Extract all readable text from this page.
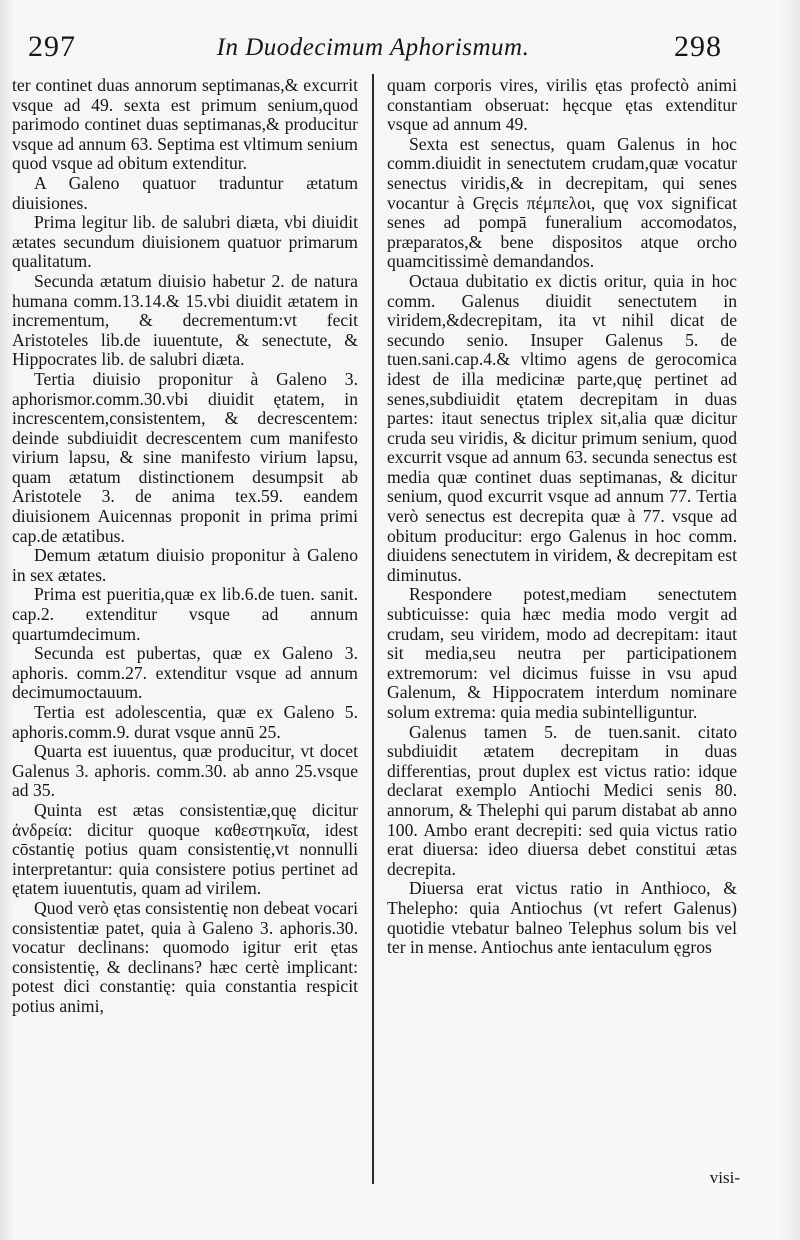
297	In Duodecimum Aphorismum.	298

ter continet duas annorum septimanas,& excurrit vsque ad 49. sexta est primum senium,quod parimodo continet duas septimanas,& producitur vsque ad annum 63. Septima est vltimum senium quod vsque ad obitum extenditur.

A Galeno quatuor traduntur ætatum diuisiones.

Prima legitur lib. de salubri diæta, vbi diuidit ætates secundum diuisionem quatuor primarum qualitatum.

Secunda ætatum diuisio habetur 2. de natura humana comm.13.14.& 15.vbi diuidit ætatem in incrementum, & decrementum:vt fecit Aristoteles lib.de iuuentute, & senectute, & Hippocrates lib. de salubri diæta.

Tertia diuisio proponitur à Galeno 3. aphorismor.comm.30.vbi diuidit ętatem, in increscentem,consistentem, & decrescentem: deinde subdiuidit decrescentem cum manifesto virium lapsu, & sine manifesto virium lapsu, quam ætatum distinctionem desumpsit ab Aristotele 3. de anima tex.59. eandem diuisionem Auicennas proponit in prima primi cap.de ætatibus.

Demum ætatum diuisio proponitur à Galeno in sex ætates.

Prima est pueritia,quæ ex lib.6.de tuen. sanit. cap.2. extenditur vsque ad annum quartumdecimum.

Secunda est pubertas, quæ ex Galeno 3. aphoris. comm.27. extenditur vsque ad annum decimumoctauum.

Tertia est adolescentia, quæ ex Galeno 5. aphoris.comm.9. durat vsque annū 25.

Quarta est iuuentus, quæ producitur, vt docet Galenus 3. aphoris. comm.30. ab anno 25.vsque ad 35.

Quinta est ætas consistentiæ,quę dicitur ἀνδρεία: dicitur quoque καθεστηκυῖα, idest cōstantię potius quam consistentię,vt nonnulli interpretantur: quia consistere potius pertinet ad ętatem iuuentutis, quam ad virilem.

Quod verò ętas consistentię non debeat vocari consistentiæ patet, quia à Galeno 3. aphoris.30. vocatur declinans: quomodo igitur erit ętas consistentię, & declinans? hæc certè implicant: potest dici constantię: quia constantia respicit potius animi,

quam corporis vires, virilis ętas profectò animi constantiam obseruat: hęcque ętas extenditur vsque ad annum 49.

Sexta est senectus, quam Galenus in hoc comm.diuidit in senectutem crudam,quæ vocatur senectus viridis,& in decrepitam, qui senes vocantur à Gręcis πέμπελοι, quę vox significat senes ad pompā funeralium accomodatos, præparatos,& bene dispositos atque orcho quamcitissimè demandandos.

Octaua dubitatio ex dictis oritur, quia in hoc comm. Galenus diuidit senectutem in viridem,&decrepitam, ita vt nihil dicat de secundo senio. Insuper Galenus 5. de tuen.sani.cap.4.& vltimo agens de gerocomica idest de illa medicinæ parte,quę pertinet ad senes,subdiuidit ętatem decrepitam in duas partes: itaut senectus triplex sit,alia quæ dicitur cruda seu viridis, & dicitur primum senium, quod excurrit vsque ad annum 63. secunda senectus est media quæ continet duas septimanas, & dicitur senium, quod excurrit vsque ad annum 77. Tertia verò senectus est decrepita quæ à 77. vsque ad obitum producitur: ergo Galenus in hoc comm. diuidens senectutem in viridem, & decrepitam est diminutus.

Respondere potest,mediam senectutem subticuisse: quia hæc media modo vergit ad crudam, seu viridem, modo ad decrepitam: itaut sit media,seu neutra per participationem extremorum: vel dicimus fuisse in vsu apud Galenum, & Hippocratem interdum nominare solum extrema: quia media subintelliguntur.

Galenus tamen 5. de tuen.sanit. citato subdiuidit ætatem decrepitam in duas differentias, prout duplex est victus ratio: idque declarat exemplo Antiochi Medici senis 80. annorum, & Thelephi qui parum distabat ab anno 100. Ambo erant decrepiti: sed quia victus ratio erat diuersa: ideo diuersa debet constitui ætas decrepita.

Diuersa erat victus ratio in Anthioco, & Thelepho: quia Antiochus (vt refert Galenus) quotidie vtebatur balneo Telephus solum bis vel ter in mense. Antiochus ante ientaculum ęgros

visi-
